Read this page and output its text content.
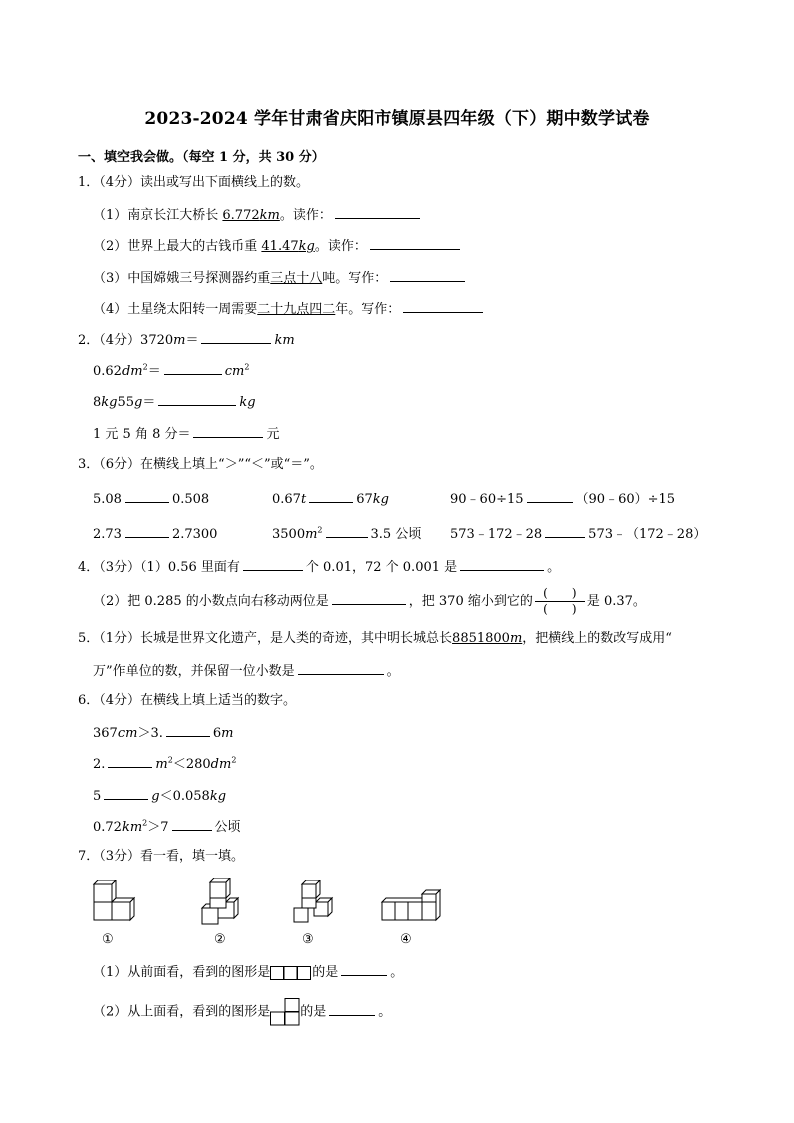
2023-2024 学年甘肃省庆阳市镇原县四年级（下）期中数学试卷
一、填空我会做。（每空 1 分，共 30 分）
1．（4分）读出或写出下面横线上的数。
（1）南京长江大桥长 6.772km。读作：
（2）世界上最大的古钱币重 41.47kg。读作：
（3）中国嫦娥三号探测器约重三点十八吨。写作：
（4）土星绕太阳转一周需要二十九点四二年。写作：
2．（4分）3720m＝	km
$0.62dm^2=$	$cm^2$
8kg55g＝	kg
1 元 5 角 8 分＝	元
3．（6分）在横线上填上“＞”“＜”或“＝”。
5.08	0.508	0.67t	67kg	90﹣60÷15	（90﹣60）÷15
2.73	2.7300	$3500m^2$	3.5 公顷 573﹣172﹣28	573﹣（172﹣28）
4．（3分）（1）0.56 里面有	个 0.01，72 个 0.001 是	。
（2）把 0.285 的小数点向右移动两位是	，把 370 缩小到它的 $\frac{( )}{( )}$ 是 0.37。
5．（1分）长城是世界文化遗产，是人类的奇迹，其中明长城总长8851800m，把横线上的数改写成用“
万”作单位的数，并保留一位小数是	。
6．（4分）在横线上填上适当的数字。
367cm＞3.	6m
2.	$m^2<280dm^2$
5	g＜0.058kg
$0.72km^2>7$	公顷
7．（3分）看一看，填一填。
①	②	③	④
（1）从前面看，看到的图形是	的是	。
（2）从上面看，看到的图形是 的是	。
